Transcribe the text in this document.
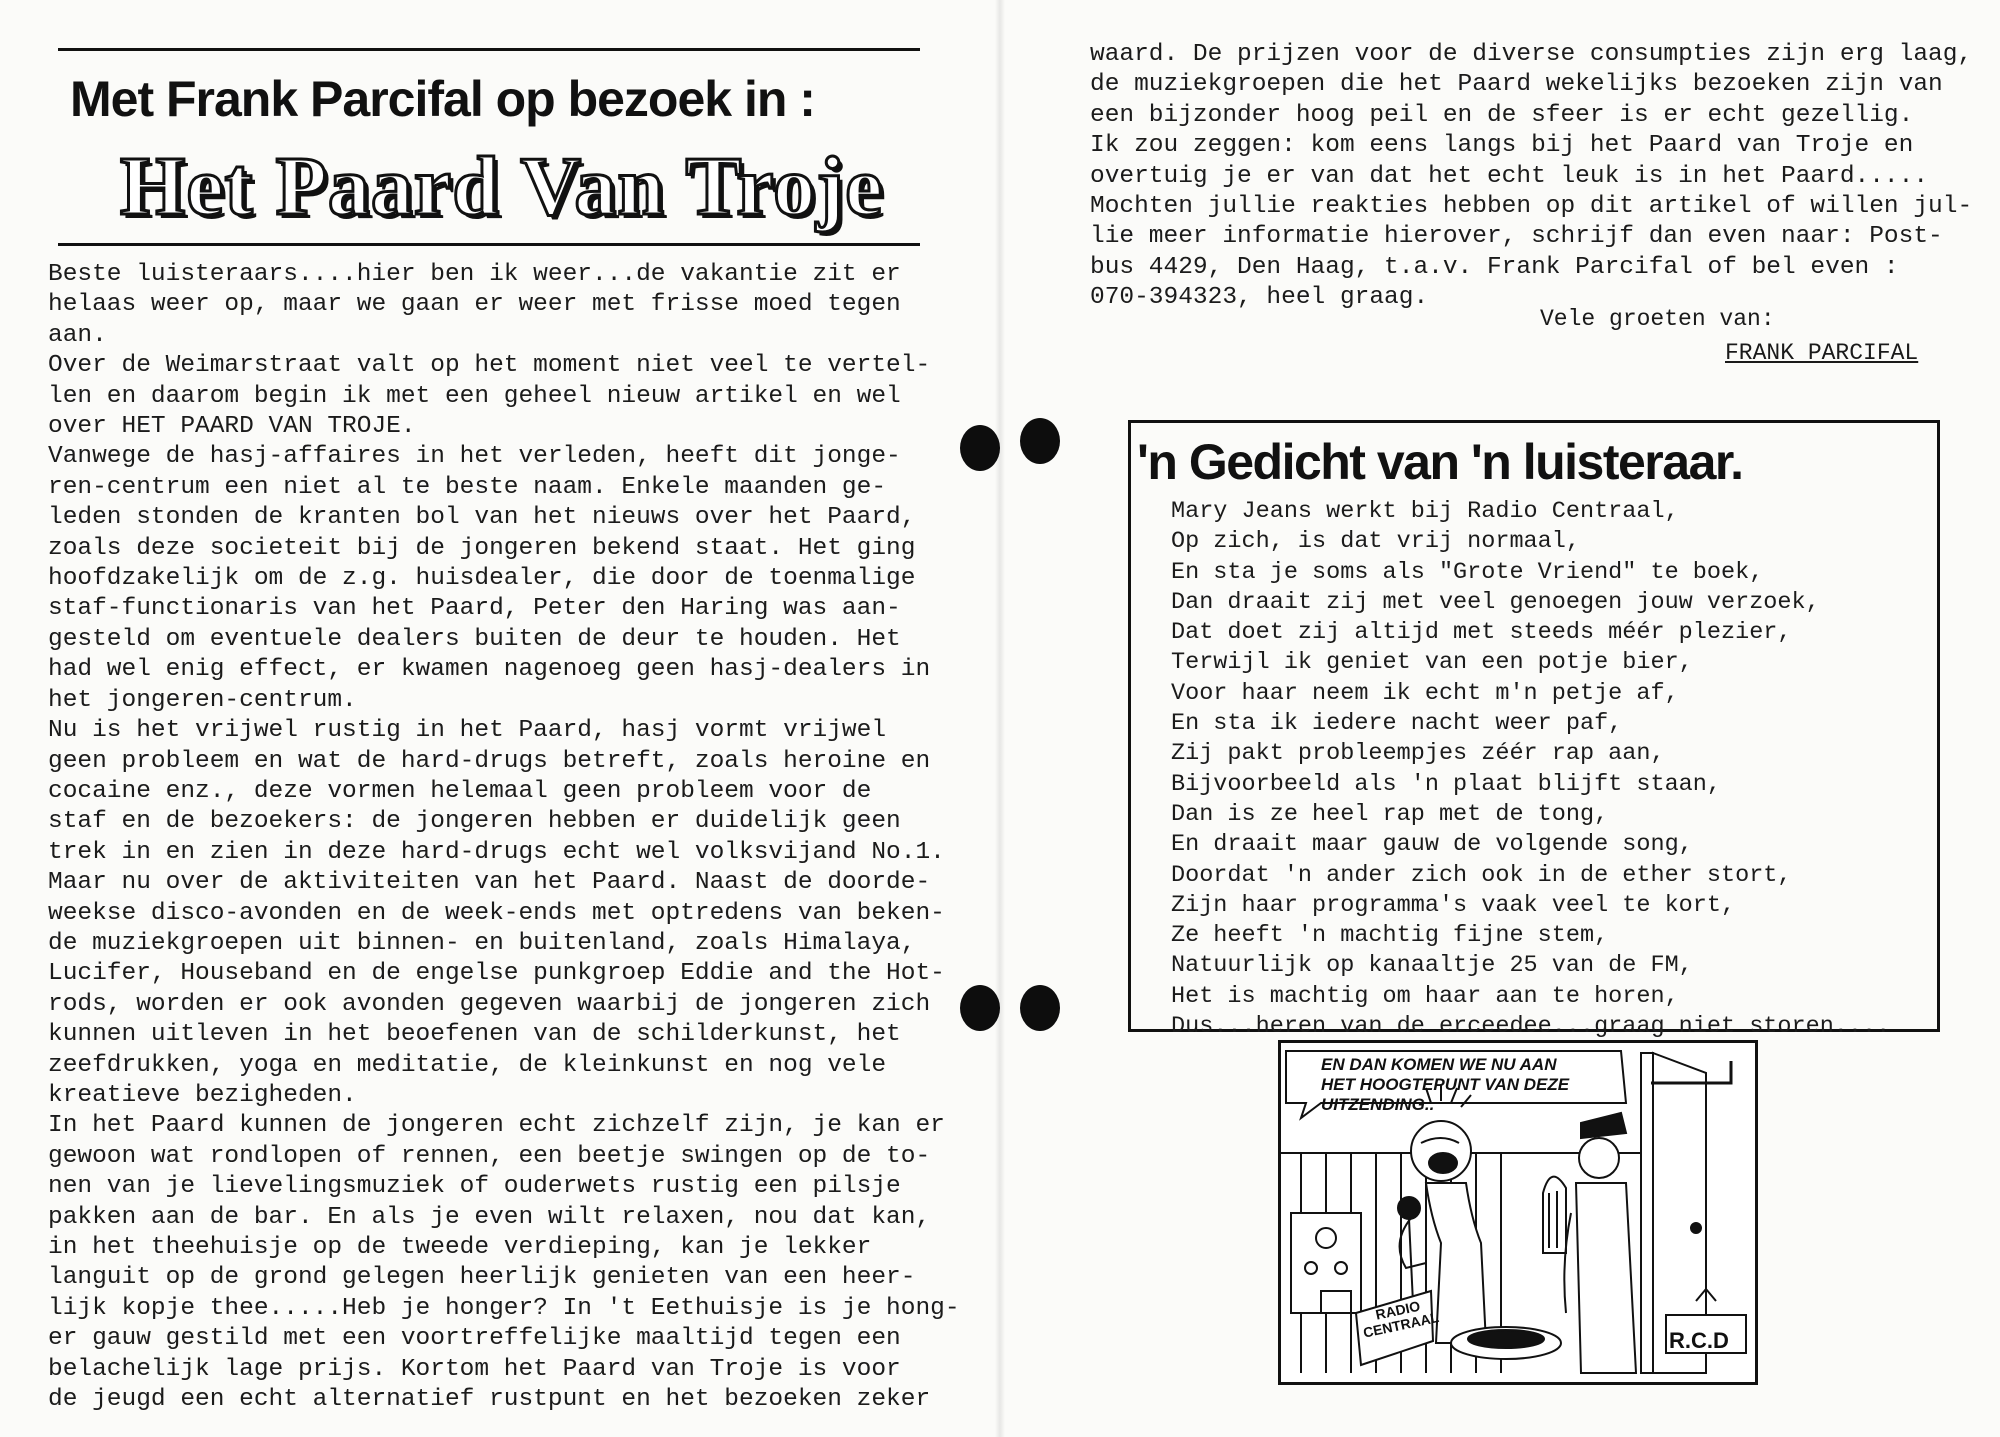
Met Frank Parcifal op bezoek in :
Het Paard Van Troje
Beste luisteraars....hier ben ik weer...de vakantie zit er
helaas weer op, maar we gaan er weer met frisse moed tegen
aan.
Over de Weimarstraat valt op het moment niet veel te vertel-
len en daarom begin ik met een geheel nieuw artikel en wel
over HET PAARD VAN TROJE.
Vanwege de hasj-affaires in het verleden, heeft dit jonge-
ren-centrum een niet al te beste naam. Enkele maanden ge-
leden stonden de kranten bol van het nieuws over het Paard,
zoals deze societeit bij de jongeren bekend staat. Het ging
hoofdzakelijk om de z.g. huisdealer, die door de toenmalige
staf-functionaris van het Paard, Peter den Haring was aan-
gesteld om eventuele dealers buiten de deur te houden. Het
had wel enig effect, er kwamen nagenoeg geen hasj-dealers in
het jongeren-centrum.
Nu is het vrijwel rustig in het Paard, hasj vormt vrijwel
geen probleem en wat de hard-drugs betreft, zoals heroine en
cocaine enz., deze vormen helemaal geen probleem voor de
staf en de bezoekers: de jongeren hebben er duidelijk geen
trek in en zien in deze hard-drugs echt wel volksvijand No.1.
Maar nu over de aktiviteiten van het Paard. Naast de doorde-
weekse disco-avonden en de week-ends met optredens van beken-
de muziekgroepen uit binnen- en buitenland, zoals Himalaya,
Lucifer, Houseband en de engelse punkgroep Eddie and the Hot-
rods, worden er ook avonden gegeven waarbij de jongeren zich
kunnen uitleven in het beoefenen van de schilderkunst, het
zeefdrukken, yoga en meditatie, de kleinkunst en nog vele
kreatieve bezigheden.
In het Paard kunnen de jongeren echt zichzelf zijn, je kan er
gewoon wat rondlopen of rennen, een beetje swingen op de to-
nen van je lievelingsmuziek of ouderwets rustig een pilsje
pakken aan de bar. En als je even wilt relaxen, nou dat kan,
in het theehuisje op de tweede verdieping, kan je lekker
languit op de grond gelegen heerlijk genieten van een heer-
lijk kopje thee.....Heb je honger? In 't Eethuisje is je hong-
er gauw gestild met een voortreffelijke maaltijd tegen een
belachelijk lage prijs. Kortom het Paard van Troje is voor
de jeugd een echt alternatief rustpunt en het bezoeken zeker
waard. De prijzen voor de diverse consumpties zijn erg laag,
de muziekgroepen die het Paard wekelijks bezoeken zijn van
een bijzonder hoog peil en de sfeer is er echt gezellig.
Ik zou zeggen: kom eens langs bij het Paard van Troje en
overtuig je er van dat het echt leuk is in het Paard.....
Mochten jullie reakties hebben op dit artikel of willen jul-
lie meer informatie hierover, schrijf dan even naar: Post-
bus 4429, Den Haag, t.a.v. Frank Parcifal of bel even :
070-394323, heel graag.
Vele groeten van:
FRANK PARCIFAL
'n Gedicht van 'n luisteraar.
Mary Jeans werkt bij Radio Centraal,
Op zich, is dat vrij normaal,
En sta je soms als "Grote Vriend" te boek,
Dan draait zij met veel genoegen jouw verzoek,
Dat doet zij altijd met steeds méér plezier,
Terwijl ik geniet van een potje bier,
Voor haar neem ik echt m'n petje af,
En sta ik iedere nacht weer paf,
Zij pakt probleempjes zéér rap aan,
Bijvoorbeeld als 'n plaat blijft staan,
Dan is ze heel rap met de tong,
En draait maar gauw de volgende song,
Doordat 'n ander zich ook in de ether stort,
Zijn haar programma's vaak veel te kort,
Ze heeft 'n machtig fijne stem,
Natuurlijk op kanaaltje 25 van de FM,
Het is machtig om haar aan te horen,
Dus...heren van de erceedee...graag niet storen....
EN DAN KOMEN WE NU AAN
HET HOOGTEPUNT VAN DEZE
UITZENDING..
RADIO
CENTRAAL	R.C.D
